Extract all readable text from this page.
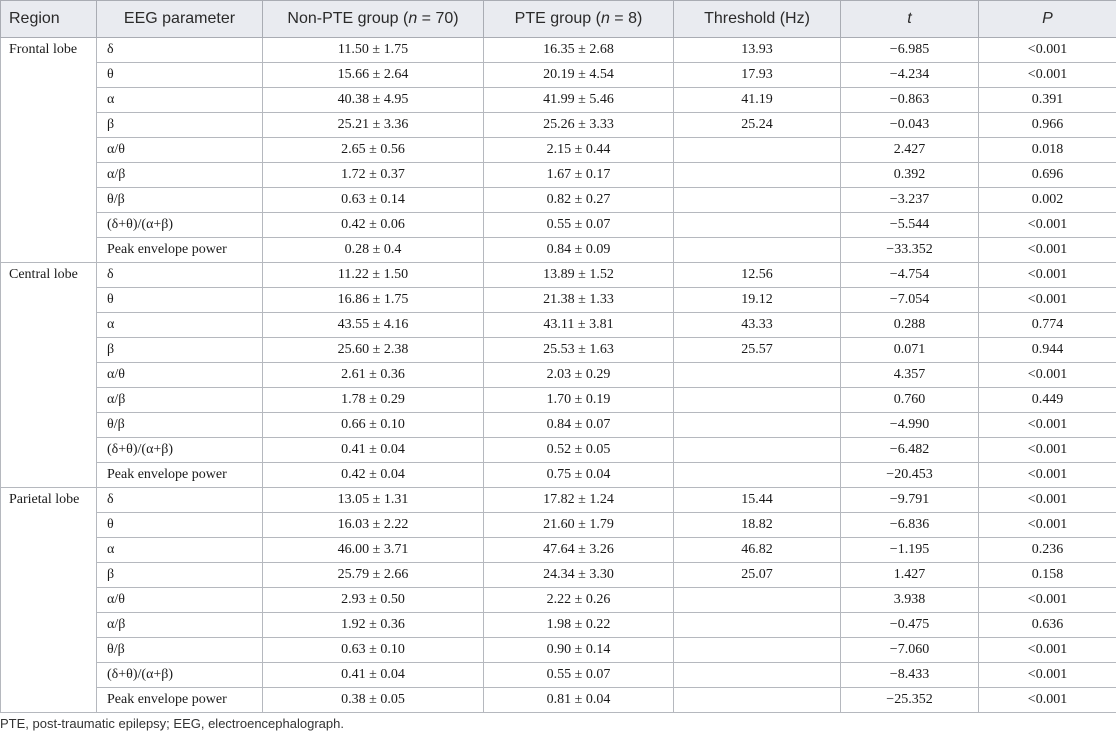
Region	EEG parameter	Non-PTE group (n = 70)	PTE group (n = 8)	Threshold (Hz)	t	P
Frontal lobe	δ	11.50 ± 1.75	16.35 ± 2.68	13.93	−6.985	<0.001
	θ	15.66 ± 2.64	20.19 ± 4.54	17.93	−4.234	<0.001
	α	40.38 ± 4.95	41.99 ± 5.46	41.19	−0.863	0.391
	β	25.21 ± 3.36	25.26 ± 3.33	25.24	−0.043	0.966
	α/θ	2.65 ± 0.56	2.15 ± 0.44		2.427	0.018
	α/β	1.72 ± 0.37	1.67 ± 0.17		0.392	0.696
	θ/β	0.63 ± 0.14	0.82 ± 0.27		−3.237	0.002
	(δ+θ)/(α+β)	0.42 ± 0.06	0.55 ± 0.07		−5.544	<0.001
	Peak envelope power	0.28 ± 0.4	0.84 ± 0.09		−33.352	<0.001
Central lobe	δ	11.22 ± 1.50	13.89 ± 1.52	12.56	−4.754	<0.001
	θ	16.86 ± 1.75	21.38 ± 1.33	19.12	−7.054	<0.001
	α	43.55 ± 4.16	43.11 ± 3.81	43.33	0.288	0.774
	β	25.60 ± 2.38	25.53 ± 1.63	25.57	0.071	0.944
	α/θ	2.61 ± 0.36	2.03 ± 0.29		4.357	<0.001
	α/β	1.78 ± 0.29	1.70 ± 0.19		0.760	0.449
	θ/β	0.66 ± 0.10	0.84 ± 0.07		−4.990	<0.001
	(δ+θ)/(α+β)	0.41 ± 0.04	0.52 ± 0.05		−6.482	<0.001
	Peak envelope power	0.42 ± 0.04	0.75 ± 0.04		−20.453	<0.001
Parietal lobe	δ	13.05 ± 1.31	17.82 ± 1.24	15.44	−9.791	<0.001
	θ	16.03 ± 2.22	21.60 ± 1.79	18.82	−6.836	<0.001
	α	46.00 ± 3.71	47.64 ± 3.26	46.82	−1.195	0.236
	β	25.79 ± 2.66	24.34 ± 3.30	25.07	1.427	0.158
	α/θ	2.93 ± 0.50	2.22 ± 0.26		3.938	<0.001
	α/β	1.92 ± 0.36	1.98 ± 0.22		−0.475	0.636
	θ/β	0.63 ± 0.10	0.90 ± 0.14		−7.060	<0.001
	(δ+θ)/(α+β)	0.41 ± 0.04	0.55 ± 0.07		−8.433	<0.001
	Peak envelope power	0.38 ± 0.05	0.81 ± 0.04		−25.352	<0.001
PTE, post-traumatic epilepsy; EEG, electroencephalograph.
